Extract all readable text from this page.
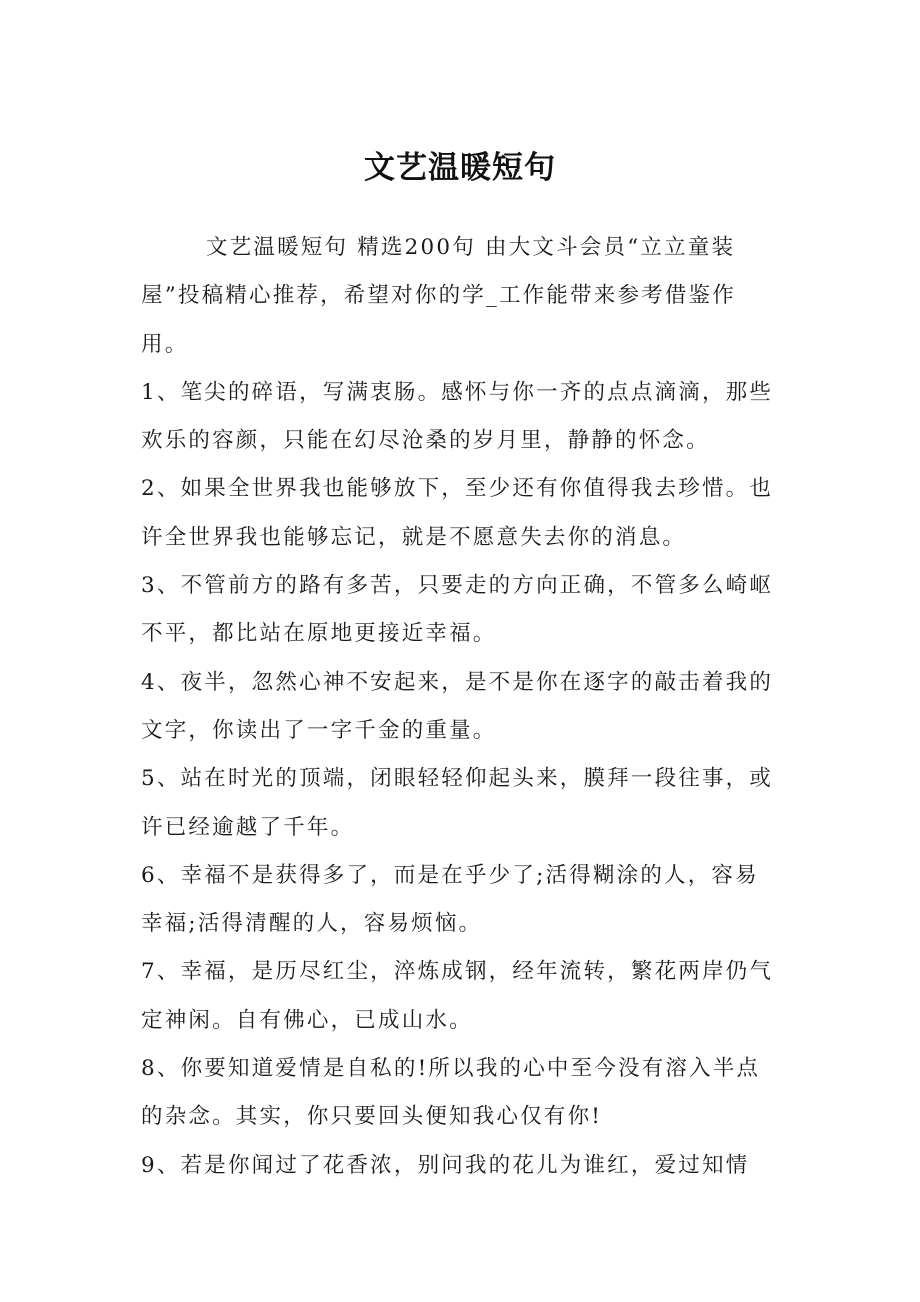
文艺温暖短句

文艺温暖短句 精选200句 由大文斗会员“立立童装屋”投稿精心推荐，希望对你的学_工作能带来参考借鉴作用。

1、笔尖的碎语，写满衷肠。感怀与你一齐的点点滴滴，那些欢乐的容颜，只能在幻尽沧桑的岁月里，静静的怀念。

2、如果全世界我也能够放下，至少还有你值得我去珍惜。也许全世界我也能够忘记，就是不愿意失去你的消息。

3、不管前方的路有多苦，只要走的方向正确，不管多么崎岖不平，都比站在原地更接近幸福。

4、夜半，忽然心神不安起来，是不是你在逐字的敲击着我的文字，你读出了一字千金的重量。

5、站在时光的顶端，闭眼轻轻仰起头来，膜拜一段往事，或许已经逾越了千年。

6、幸福不是获得多了，而是在乎少了;活得糊涂的人，容易幸福;活得清醒的人，容易烦恼。

7、幸福，是历尽红尘，淬炼成钢，经年流转，繁花两岸仍气定神闲。自有佛心，已成山水。

8、你要知道爱情是自私的!所以我的心中至今没有溶入半点的杂念。其实，你只要回头便知我心仅有你!

9、若是你闻过了花香浓，别问我的花儿为谁红，爱过知情
